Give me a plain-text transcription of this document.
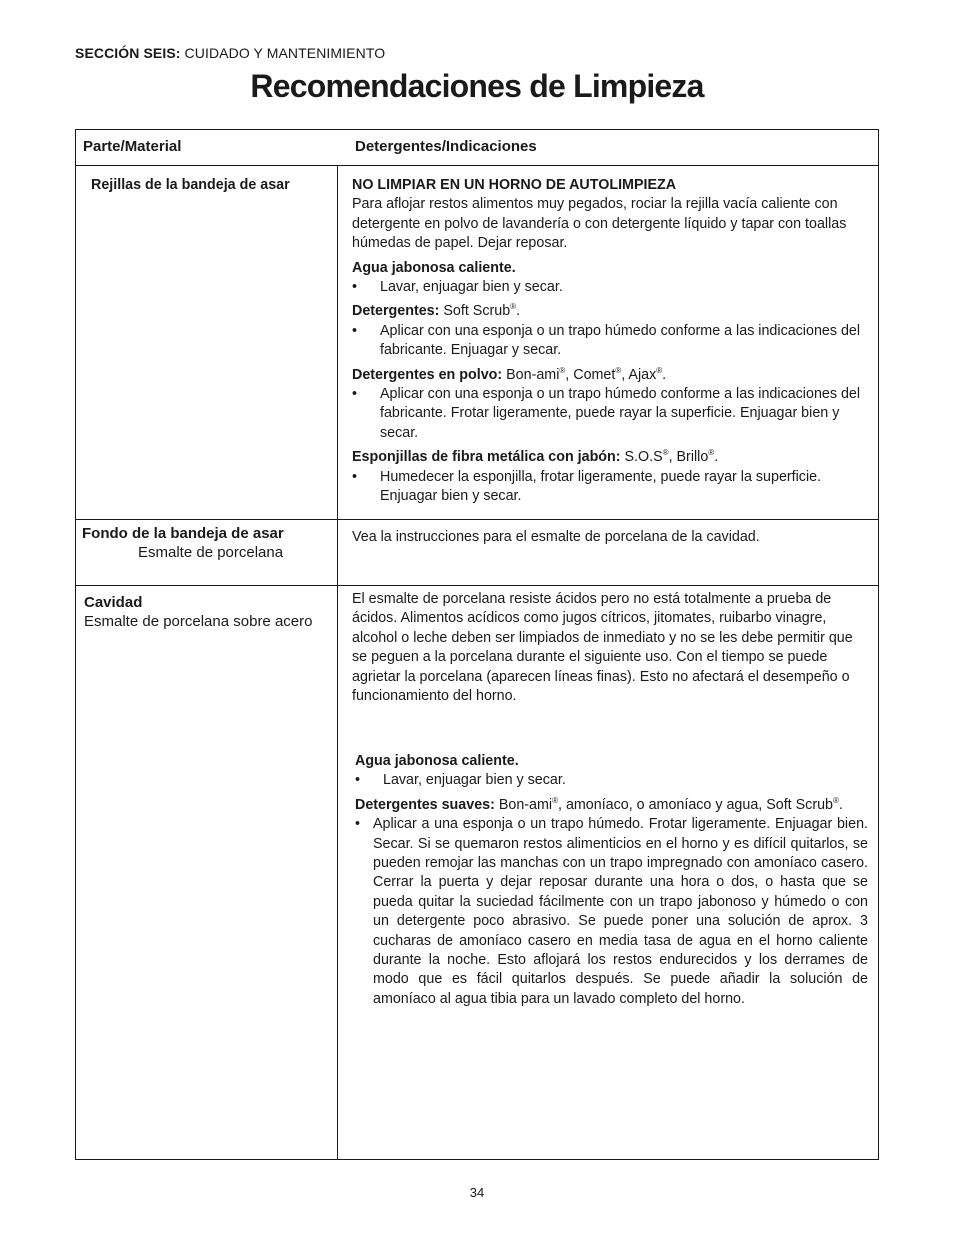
SECCIÓN SEIS: CUIDADO Y MANTENIMIENTO
Recomendaciones de Limpieza
Parte/Material	Detergentes/Indicaciones
Rejillas de la bandeja de asar	NO LIMPIAR EN UN HORNO DE AUTOLIMPIEZA

Para aflojar restos alimentos muy pegados, rociar la rejilla vacía caliente con detergente en polvo de lavandería o con detergente líquido y tapar con toallas húmedas de papel. Dejar reposar.

Agua jabonosa caliente.

• Lavar, enjuagar bien y secar.

Detergentes: Soft Scrub®.

• Aplicar con una esponja o un trapo húmedo conforme a las indicaciones del fabricante. Enjuagar y secar.

Detergentes en polvo: Bon-ami®, Comet®, Ajax®.

• Aplicar con una esponja o un trapo húmedo conforme a las indicaciones del fabricante. Frotar ligeramente, puede rayar la superficie. Enjuagar bien y secar.

Esponjillas de fibra metálica con jabón: S.O.S®, Brillo®.

• Humedecer la esponjilla, frotar ligeramente, puede rayar la superficie. Enjuagar bien y secar.

Fondo de la bandeja de asar
Esmalte de porcelana
Vea la instrucciones para el esmalte de porcelana de la cavidad.
Cavidad
Esmalte de porcelana sobre acero
El esmalte de porcelana resiste ácidos pero no está totalmente a prueba de ácidos. Alimentos acídicos como jugos cítricos, jitomates, ruibarbo vinagre, alcohol o leche deben ser limpiados de inmediato y no se les debe permitir que se peguen a la porcelana durante el siguiente uso. Con el tiempo se puede agrietar la porcelana (aparecen líneas finas). Esto no afectará el desempeño o funcionamiento del horno.

Agua jabonosa caliente.

• Lavar, enjuagar bien y secar.

Detergentes suaves: Bon-ami®, amoníaco, o amoníaco y agua, Soft Scrub®.

• Aplicar a una esponja o un trapo húmedo. Frotar ligeramente. Enjuagar bien. Secar. Si se quemaron restos alimenticios en el horno y es difícil quitarlos, se pueden remojar las manchas con un trapo impregnado con amoníaco casero. Cerrar la puerta y dejar reposar durante una hora o dos, o hasta que se pueda quitar la suciedad fácilmente con un trapo jabonoso y húmedo o con un detergente poco abrasivo. Se puede poner una solución de aprox. 3 cucharas de amoníaco casero en media tasa de agua en el horno caliente durante la noche. Esto aflojará los restos endurecidos y los derrames de modo que es fácil quitarlos después. Se puede añadir la solución de amoníaco al agua tibia para un lavado completo del horno.

34
